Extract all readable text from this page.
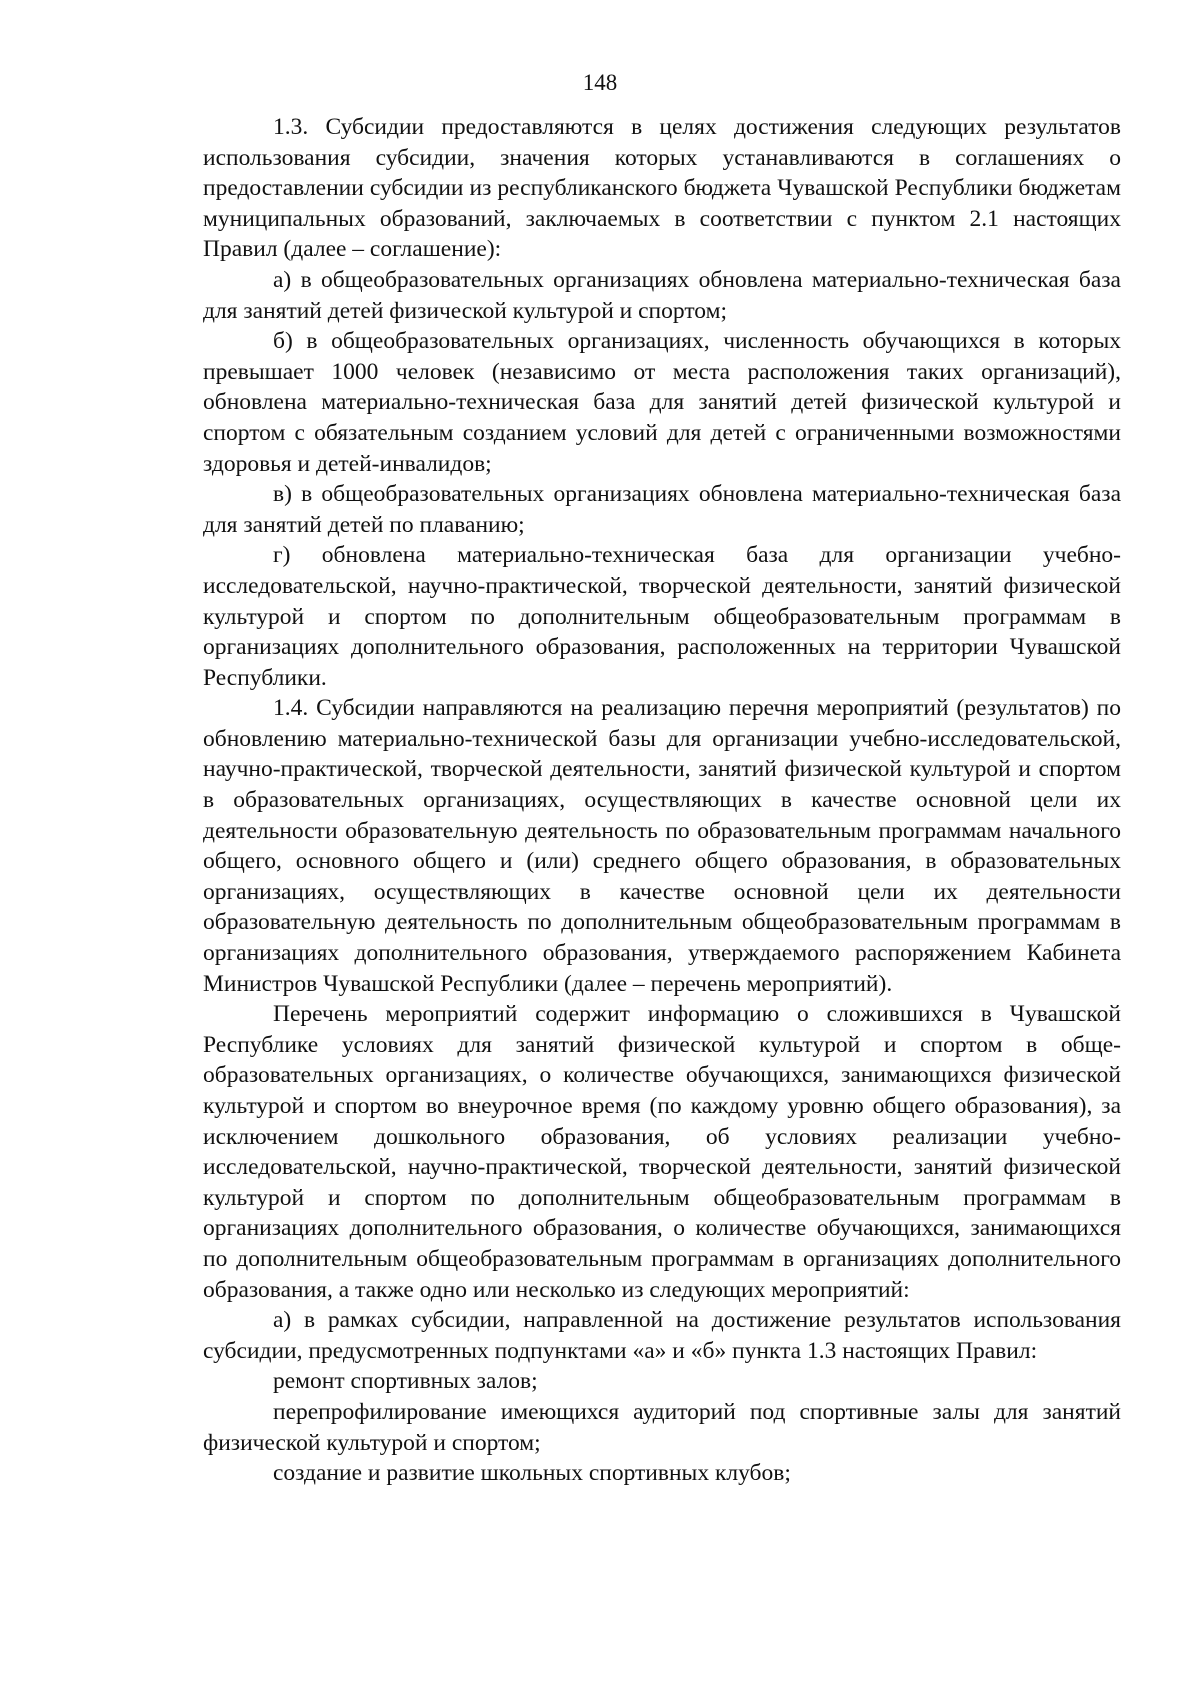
148

1.3. Субсидии предоставляются в целях достижения следующих результатов использования субсидии, значения которых устанавливаются в соглашениях о предоставлении субсидии из республиканского бюджета Чувашской Республики бюджетам муниципальных образований, заключаемых в соответствии с пунктом 2.1 настоящих Правил (далее – соглашение):

а) в общеобразовательных организациях обновлена материально-техническая база для занятий детей физической культурой и спортом;

б) в общеобразовательных организациях, численность обучающихся в которых превышает 1000 человек (независимо от места расположения таких организаций), обновлена материально-техническая база для занятий детей физической культурой и спортом с обязательным созданием условий для детей с ограниченными возможностями здоровья и детей-инвалидов;

в) в общеобразовательных организациях обновлена материально-техническая база для занятий детей по плаванию;

г) обновлена материально-техническая база для организации учебно-исследовательской, научно-практической, творческой деятельности, занятий физической культурой и спортом по дополнительным общеобразовательным программам в организациях дополнительного образования, расположенных на территории Чувашской Республики.

1.4. Субсидии направляются на реализацию перечня мероприятий (результатов) по обновлению материально-технической базы для организации учебно-исследовательской, научно-практической, творческой деятельности, занятий физической культурой и спортом в образовательных организациях, осуществляющих в качестве основной цели их деятельности образовательную деятельность по образовательным программам начального общего, основного общего и (или) среднего общего образования, в образовательных организациях, осуществляющих в качестве основной цели их деятельности образовательную деятельность по дополнительным общеобразовательным программам в организациях дополнительного образования, утверждаемого распоряжением Кабинета Министров Чувашской Республики (далее – перечень мероприятий).

Перечень мероприятий содержит информацию о сложившихся в Чувашской Республике условиях для занятий физической культурой и спортом в общеобразовательных организациях, о количестве обучающихся, занимающихся физической культурой и спортом во внеурочное время (по каждому уровню общего образования), за исключением дошкольного образования, об условиях реализации учебно-исследовательской, научно-практической, творческой деятельности, занятий физической культурой и спортом по дополнительным общеобразовательным программам в организациях дополнительного образования, о количестве обучающихся, занимающихся по дополнительным общеобразовательным программам в организациях дополнительного образования, а также одно или несколько из следующих мероприятий:

а) в рамках субсидии, направленной на достижение результатов использования субсидии, предусмотренных подпунктами «а» и «б» пункта 1.3 настоящих Правил:

ремонт спортивных залов;

перепрофилирование имеющихся аудиторий под спортивные залы для занятий физической культурой и спортом;

создание и развитие школьных спортивных клубов;
